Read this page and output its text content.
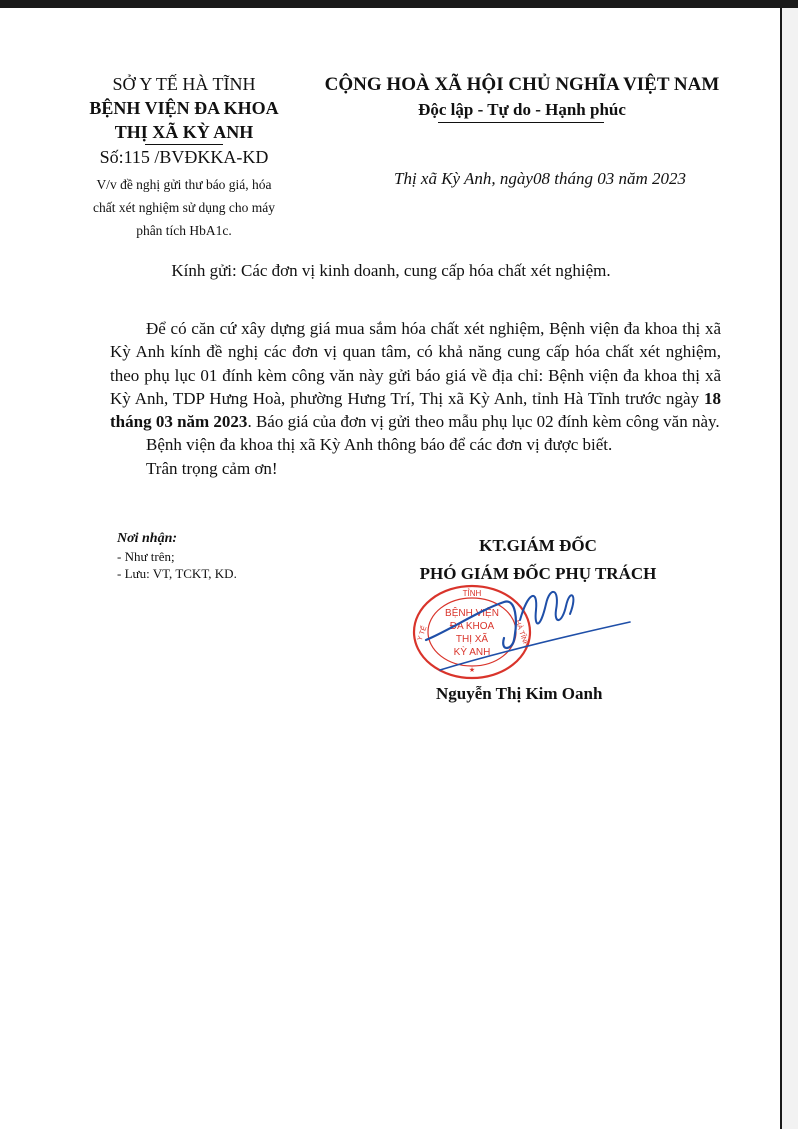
SỞ Y TẾ HÀ TĨNH
BỆNH VIỆN ĐA KHOA
THỊ XÃ KỲ ANH
Số:115 /BVĐKKA-KD
V/v đề nghị gửi thư báo giá, hóa
chất xét nghiệm sử dụng cho máy
phân tích HbA1c.
CỘNG HOÀ XÃ HỘI CHỦ NGHĨA VIỆT NAM
Độc lập - Tự do - Hạnh phúc
Thị xã Kỳ Anh, ngày08 tháng 03 năm 2023
Kính gửi: Các đơn vị kinh doanh, cung cấp hóa chất xét nghiệm.

Để có căn cứ xây dựng giá mua sắm hóa chất xét nghiệm, Bệnh viện đa khoa thị xã Kỳ Anh kính đề nghị các đơn vị quan tâm, có khả năng cung cấp hóa chất xét nghiệm, theo phụ lục 01 đính kèm công văn này gửi báo giá về địa chỉ: Bệnh viện đa khoa thị xã Kỳ Anh, TDP Hưng Hoà, phường Hưng Trí, Thị xã Kỳ Anh, tỉnh Hà Tĩnh trước ngày 18 tháng 03 năm 2023. Báo giá của đơn vị gửi theo mẫu phụ lục 02 đính kèm công văn này.

Bệnh viện đa khoa thị xã Kỳ Anh thông báo để các đơn vị được biết.

Trân trọng cảm ơn!

Nơi nhận:
- Như trên;
- Lưu: VT, TCKT, KD.
KT.GIÁM ĐỐC
PHÓ GIÁM ĐỐC PHỤ TRÁCH
TỈNH
Y TẾ	HÀ TĨNH
BỆNH VIỆN
ĐA KHOA
THỊ XÃ
KỲ ANH
★
Nguyễn Thị Kim Oanh
